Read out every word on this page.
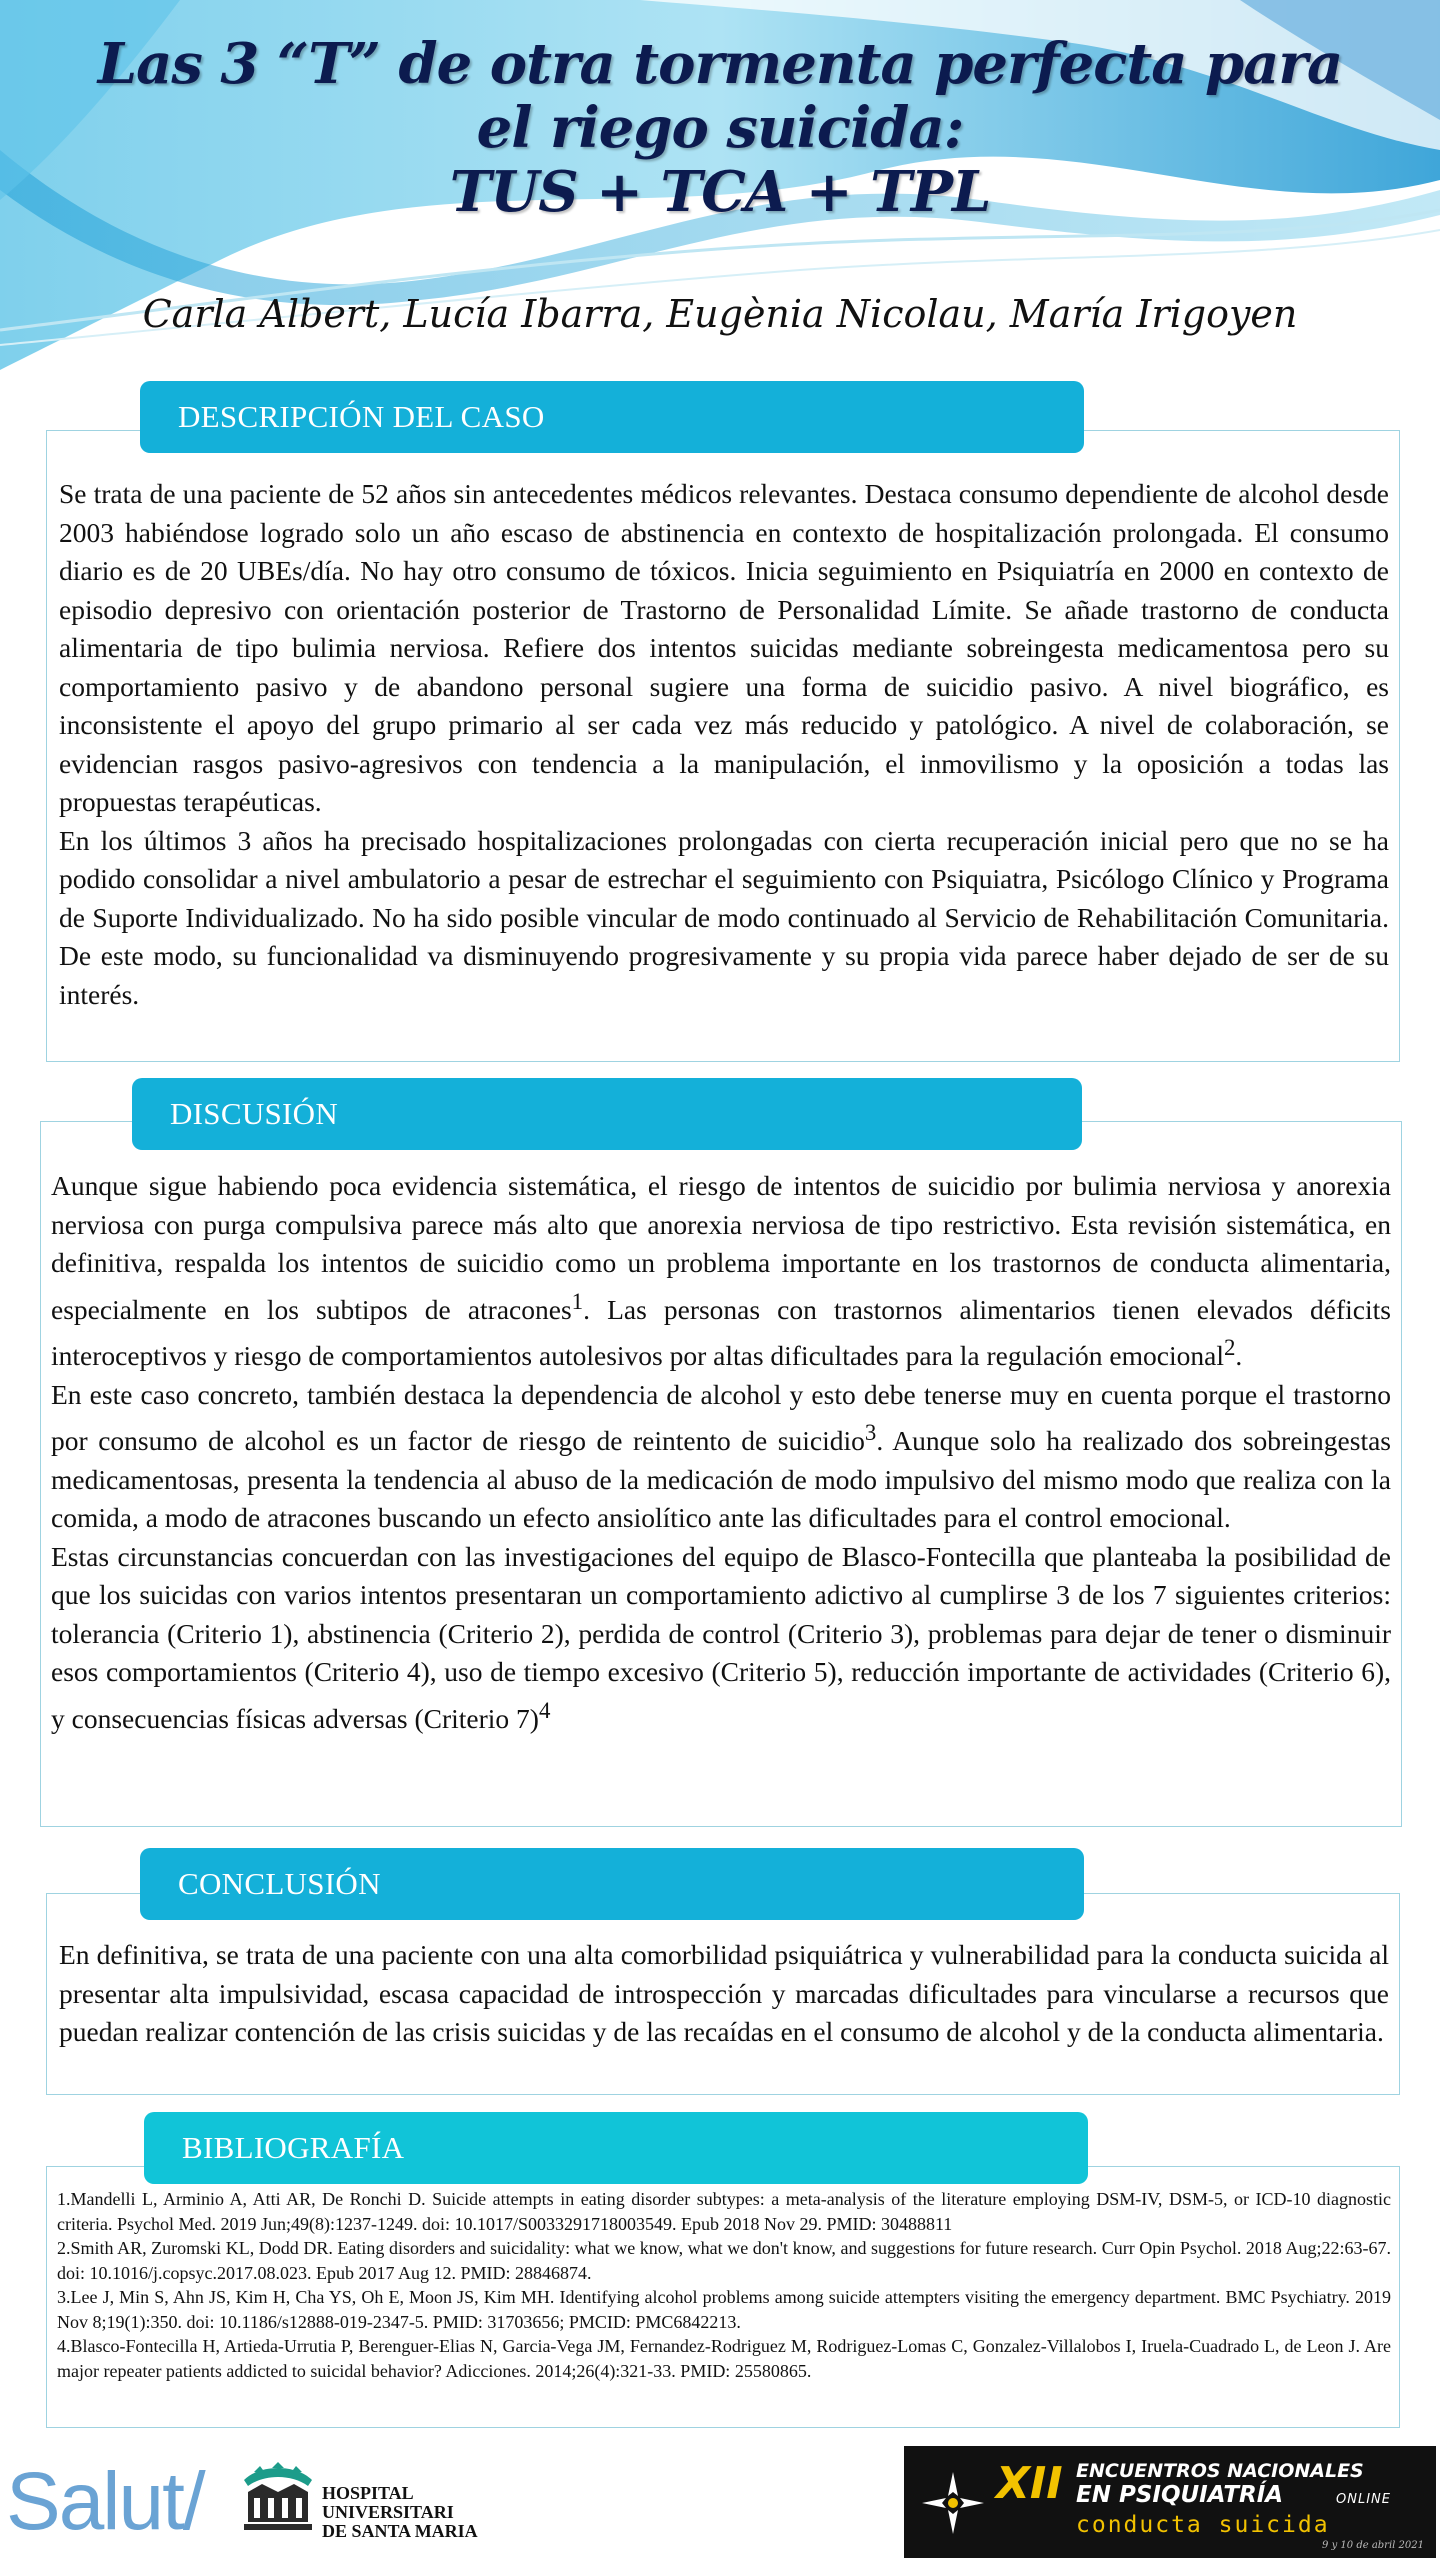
Las 3 “T” de otra tormenta perfecta para
el riego suicida:
TUS + TCA + TPL
Carla Albert, Lucía Ibarra, Eugènia Nicolau, María Irigoyen

Se trata de una paciente de 52 años sin antecedentes médicos relevantes. Destaca consumo dependiente de alcohol desde 2003 habiéndose logrado solo un año escaso de abstinencia en contexto de hospitalización prolongada. El consumo diario es de 20 UBEs/día. No hay otro consumo de tóxicos. Inicia seguimiento en Psiquiatría en 2000 en contexto de episodio depresivo con orientación posterior de Trastorno de Personalidad Límite. Se añade trastorno de conducta alimentaria de tipo bulimia nerviosa. Refiere dos intentos suicidas mediante sobreingesta medicamentosa pero su comportamiento pasivo y de abandono personal sugiere una forma de suicidio pasivo. A nivel biográfico, es inconsistente el apoyo del grupo primario al ser cada vez más reducido y patológico. A nivel de colaboración, se evidencian rasgos pasivo-agresivos con tendencia a la manipulación, el inmovilismo y la oposición a todas las propuestas terapéuticas.

En los últimos 3 años ha precisado hospitalizaciones prolongadas con cierta recuperación inicial pero que no se ha podido consolidar a nivel ambulatorio a pesar de estrechar el seguimiento con Psiquiatra, Psicólogo Clínico y Programa de Suporte Individualizado. No ha sido posible vincular de modo continuado al Servicio de Rehabilitación Comunitaria. De este modo, su funcionalidad va disminuyendo progresivamente y su propia vida parece haber dejado de ser de su interés.

DESCRIPCIÓN DEL CASO

Aunque sigue habiendo poca evidencia sistemática, el riesgo de intentos de suicidio por bulimia nerviosa y anorexia nerviosa con purga compulsiva parece más alto que anorexia nerviosa de tipo restrictivo. Esta revisión sistemática, en definitiva, respalda los intentos de suicidio como un problema importante en los trastornos de conducta alimentaria, especialmente en los subtipos de atracones$^1$. Las personas con trastornos alimentarios tienen elevados déficits interoceptivos y riesgo de comportamientos autolesivos por altas dificultades para la regulación emocional$^2$.

En este caso concreto, también destaca la dependencia de alcohol y esto debe tenerse muy en cuenta porque el trastorno por consumo de alcohol es un factor de riesgo de reintento de suicidio$^3$. Aunque solo ha realizado dos sobreingestas medicamentosas, presenta la tendencia al abuso de la medicación de modo impulsivo del mismo modo que realiza con la comida, a modo de atracones buscando un efecto ansiolítico ante las dificultades para el control emocional.

Estas circunstancias concuerdan con las investigaciones del equipo de Blasco-Fontecilla que planteaba la posibilidad de que los suicidas con varios intentos presentaran un comportamiento adictivo al cumplirse 3 de los 7 siguientes criterios: tolerancia (Criterio 1), abstinencia (Criterio 2), perdida de control (Criterio 3), problemas para dejar de tener o disminuir esos comportamientos (Criterio 4), uso de tiempo excesivo (Criterio 5), reducción importante de actividades (Criterio 6), y consecuencias físicas adversas (Criterio 7)$^4$

DISCUSIÓN

En definitiva, se trata de una paciente con una alta comorbilidad psiquiátrica y vulnerabilidad para la conducta suicida al presentar alta impulsividad, escasa capacidad de introspección y marcadas dificultades para vincularse a recursos que puedan realizar contención de las crisis suicidas y de las recaídas en el consumo de alcohol y de la conducta alimentaria.

CONCLUSIÓN

1.Mandelli L, Arminio A, Atti AR, De Ronchi D. Suicide attempts in eating disorder subtypes: a meta-analysis of the literature employing DSM-IV, DSM-5, or ICD-10 diagnostic criteria. Psychol Med. 2019 Jun;49(8):1237-1249. doi: 10.1017/S0033291718003549. Epub 2018 Nov 29. PMID: 30488811

2.Smith AR, Zuromski KL, Dodd DR. Eating disorders and suicidality: what we know, what we don't know, and suggestions for future research. Curr Opin Psychol. 2018 Aug;22:63-67. doi: 10.1016/j.copsyc.2017.08.023. Epub 2017 Aug 12. PMID: 28846874.

3.Lee J, Min S, Ahn JS, Kim H, Cha YS, Oh E, Moon JS, Kim MH. Identifying alcohol problems among suicide attempters visiting the emergency department. BMC Psychiatry. 2019 Nov 8;19(1):350. doi: 10.1186/s12888-019-2347-5. PMID: 31703656; PMCID: PMC6842213.

4.Blasco-Fontecilla H, Artieda-Urrutia P, Berenguer-Elias N, Garcia-Vega JM, Fernandez-Rodriguez M, Rodriguez-Lomas C, Gonzalez-Villalobos I, Iruela-Cuadrado L, de Leon J. Are major repeater patients addicted to suicidal behavior? Adicciones. 2014;26(4):321-33. PMID: 25580865.

BIBLIOGRAFÍA
Salut/	HOSPITAL
UNIVERSITARI
DE SANTA MARIA
XII ENCUENTROS NACIONALES
EN PSIQUIATRÍA	ONLINE
conducta suicida
9 y 10 de abril 2021
